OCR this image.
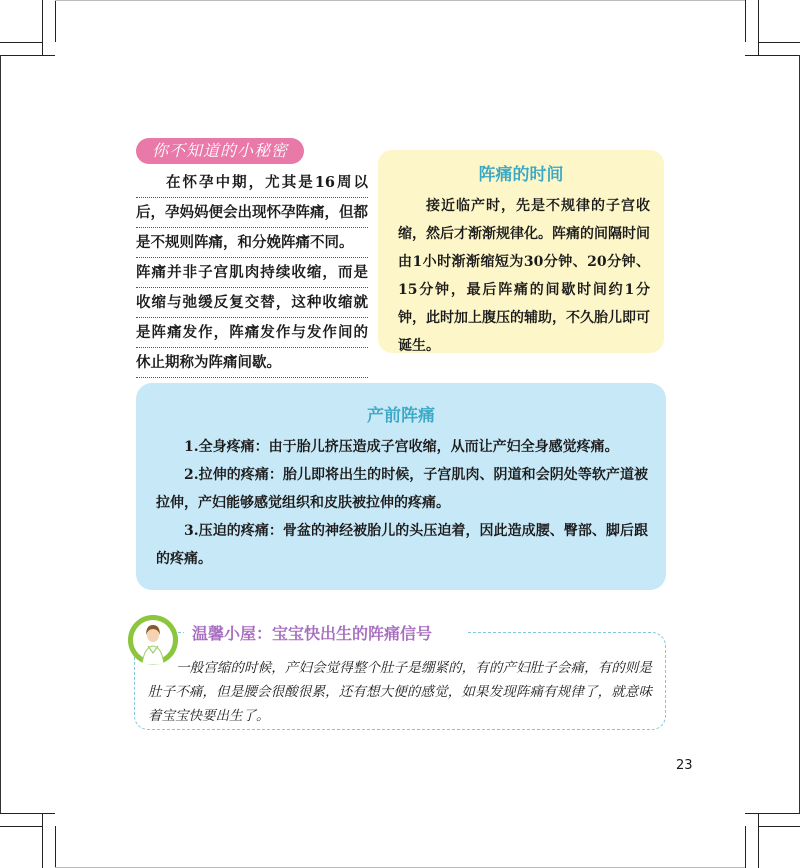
你不知道的小秘密
在怀孕中期，尤其是16周以
后，孕妈妈便会出现怀孕阵痛，但都
是不规则阵痛，和分娩阵痛不同。
阵痛并非子宫肌肉持续收缩，而是
收缩与弛缓反复交替，这种收缩就
是阵痛发作，阵痛发作与发作间的
休止期称为阵痛间歇。
阵痛的时间
接近临产时，先是不规律的子宫收缩，然后才渐渐规律化。阵痛的间隔时间由1小时渐渐缩短为30分钟、20分钟、15分钟，最后阵痛的间歇时间约1分钟，此时加上腹压的辅助，不久胎儿即可诞生。
产前阵痛

1.全身疼痛：由于胎儿挤压造成子宫收缩，从而让产妇全身感觉疼痛。

2.拉伸的疼痛：胎儿即将出生的时候，子宫肌肉、阴道和会阴处等软产道被拉伸，产妇能够感觉组织和皮肤被拉伸的疼痛。

3.压迫的疼痛：骨盆的神经被胎儿的头压迫着，因此造成腰、臀部、脚后跟的疼痛。

温馨小屋：宝宝快出生的阵痛信号
一般宫缩的时候，产妇会觉得整个肚子是绷紧的，有的产妇肚子会痛，有的则是肚子不痛，但是腰会很酸很累，还有想大便的感觉，如果发现阵痛有规律了，就意味着宝宝快要出生了。
23
